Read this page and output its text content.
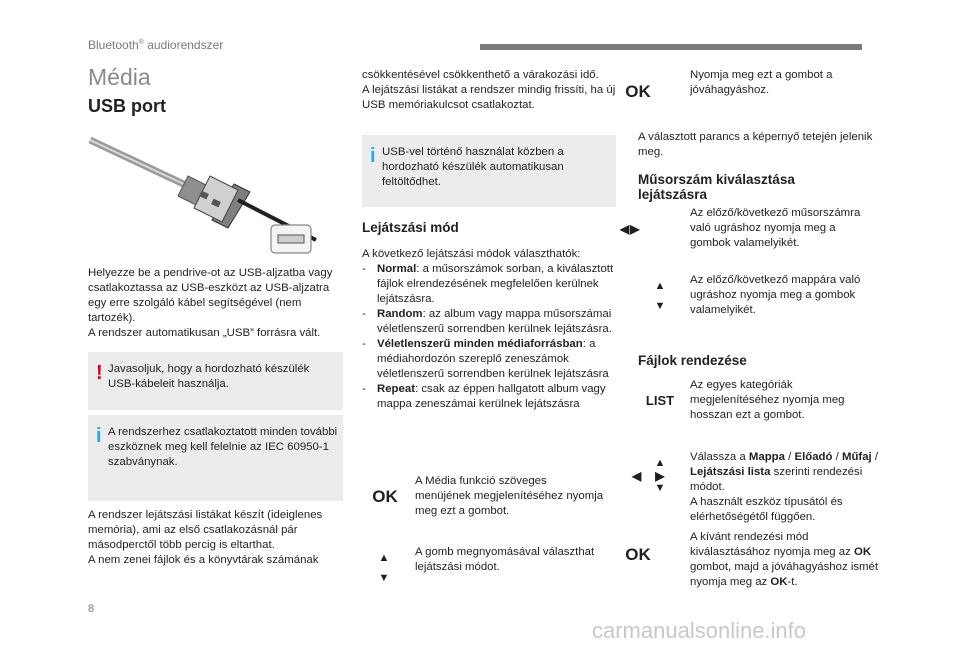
Bluetooth® audiorendszer
Média
USB port

Helyezze be a pendrive-ot az USB-aljzatba vagy csatlakoztassa az USB-eszközt az USB-aljzatra egy erre szolgáló kábel segítségével (nem tartozék).
A rendszer automatikusan „USB” forrásra vált.

! Javasoljuk, hogy a hordozható készülék USB-kábeleit használja.
i A rendszerhez csatlakoztatott minden további eszköznek meg kell felelnie az IEC 60950-1 szabványnak.

A rendszer lejátszási listákat készít (ideiglenes memória), ami az első csatlakozásnál pár másodperctől több percig is eltarthat.
A nem zenei fájlok és a könyvtárak számának

csökkentésével csökkenthető a várakozási idő.
A lejátszási listákat a rendszer mindig frissíti, ha új USB memóriakulcsot csatlakoztat.

i USB-vel történő használat közben a hordozható készülék automatikusan feltöltődhet.
Lejátszási mód
A következő lejátszási módok választhatók:
- Normal: a műsorszámok sorban, a kiválasztott fájlok elrendezésének megfelelően kerülnek lejátszásra.
- Random: az album vagy mappa műsorszámai véletlenszerű sorrendben kerülnek lejátszásra.
- Véletlenszerű minden médiaforrásban: a médiahordozón szereplő zeneszámok véletlenszerű sorrendben kerülnek lejátszásra
- Repeat: csak az éppen hallgatott album vagy mappa zeneszámai kerülnek lejátszásra
OK

A Média funkció szöveges menüjének megjelenítéséhez nyomja meg ezt a gombot.

▲
▼

A gomb megnyomásával választhat lejátszási módot.

OK

Nyomja meg ezt a gombot a jóváhagyáshoz.

A választott parancs a képernyő tetején jelenik meg.

Műsorszám kiválasztása lejátszásra
◀▶

Az előző/következő műsorszámra való ugráshoz nyomja meg a gombok valamelyikét.

▲
▼

Az előző/következő mappára való ugráshoz nyomja meg a gombok valamelyikét.

Fájlok rendezése
LIST

Az egyes kategóriák megjelenítéséhez nyomja meg hosszan ezt a gombot.

▲
◀▶
▼

Válassza a Mappa / Előadó / Műfaj / Lejátszási lista szerinti rendezési módot.
A használt eszköz típusától és elérhetőségétől függően.

OK

A kívánt rendezési mód kiválasztásához nyomja meg az OK gombot, majd a jóváhagyáshoz ismét nyomja meg az OK-t.

8
carmanualsonline.info
